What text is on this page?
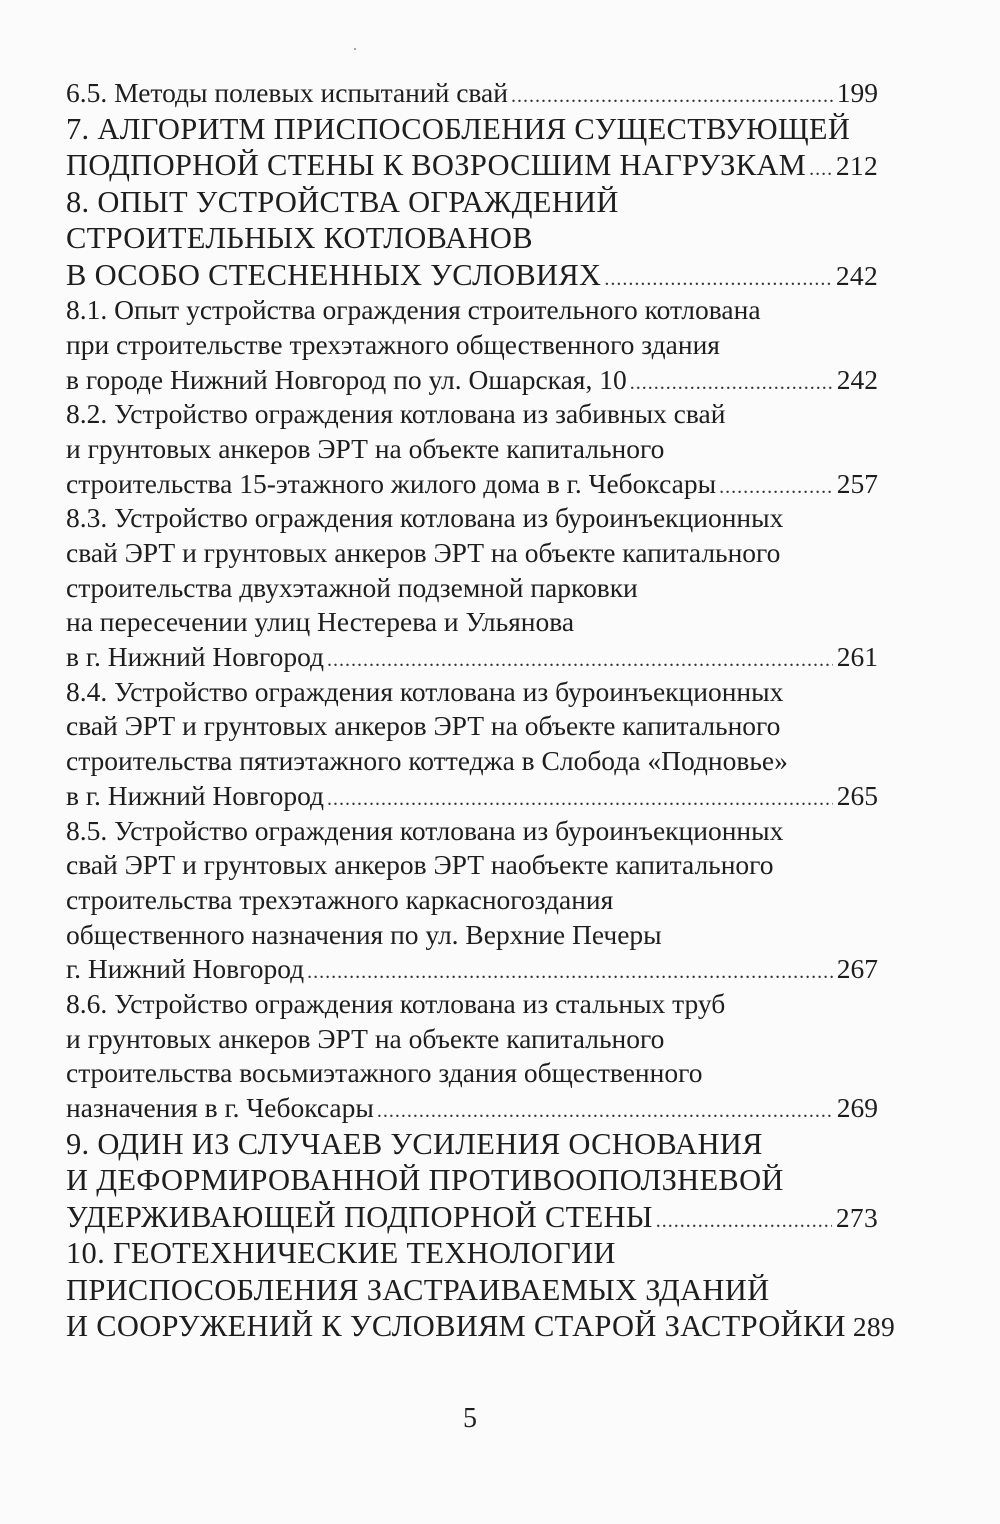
6.5. Методы полевых испытаний свай .....	199
7. АЛГОРИТМ ПРИСПОСОБЛЕНИЯ СУЩЕСТВУЮЩЕЙ
ПОДПОРНОЙ СТЕНЫ К ВОЗРОСШИМ НАГРУЗКАМ ..... 212
8. ОПЫТ УСТРОЙСТВА ОГРАЖДЕНИЙ
СТРОИТЕЛЬНЫХ КОТЛОВАНОВ
В ОСОБО СТЕСНЕННЫХ УСЛОВИЯХ .....	242
8.1. Опыт устройства ограждения строительного котлована
при строительстве трехэтажного общественного здания
в городе Нижний Новгород по ул. Ошарская, 10 .....	242
8.2. Устройство ограждения котлована из забивных свай
и грунтовых анкеров ЭРТ на объекте капитального
строительства 15-этажного жилого дома в г. Чебоксары .....	257
8.3. Устройство ограждения котлована из буроинъекционных
свай ЭРТ и грунтовых анкеров ЭРТ на объекте капитального
строительства двухэтажной подземной парковки
на пересечении улиц Нестерева и Ульянова
в г. Нижний Новгород .....	261
8.4. Устройство ограждения котлована из буроинъекционных
свай ЭРТ и грунтовых анкеров ЭРТ на объекте капитального
строительства пятиэтажного коттеджа в Слобода «Подновье»
в г. Нижний Новгород .....	265
8.5. Устройство ограждения котлована из буроинъекционных
свай ЭРТ и грунтовых анкеров ЭРТ наобъекте капитального
строительства трехэтажного каркасногоздания
общественного назначения по ул. Верхние Печеры
г. Нижний Новгород .....	267
8.6. Устройство ограждения котлована из стальных труб
и грунтовых анкеров ЭРТ на объекте капитального
строительства восьмиэтажного здания общественного
назначения в г. Чебоксары .....	269
9. ОДИН ИЗ СЛУЧАЕВ УСИЛЕНИЯ ОСНОВАНИЯ
И ДЕФОРМИРОВАННОЙ ПРОТИВООПОЛЗНЕВОЙ
УДЕРЖИВАЮЩЕЙ ПОДПОРНОЙ СТЕНЫ .....	273
10. ГЕОТЕХНИЧЕСКИЕ ТЕХНОЛОГИИ
ПРИСПОСОБЛЕНИЯ ЗАСТРАИВАЕМЫХ ЗДАНИЙ
И СООРУЖЕНИЙ К УСЛОВИЯМ СТАРОЙ ЗАСТРОЙКИ 289
5
